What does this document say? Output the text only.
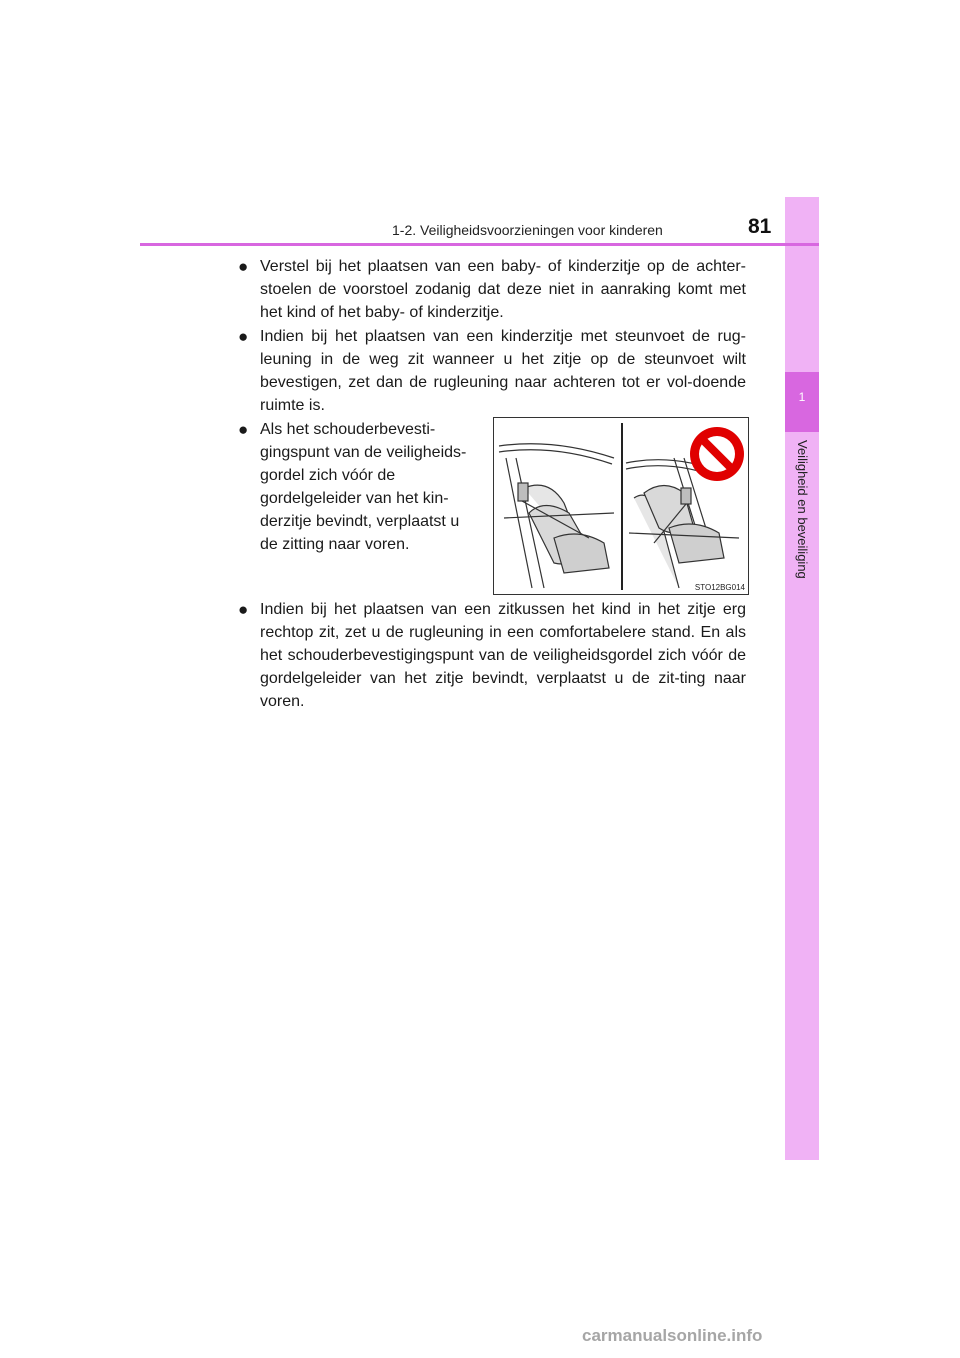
1
Veiligheid en beveiliging
1-2. Veiligheidsvoorzieningen voor kinderen	81
● Verstel bij het plaatsen van een baby- of kinderzitje op de achter-stoelen de voorstoel zodanig dat deze niet in aanraking komt met het kind of het baby- of kinderzitje.
● Indien bij het plaatsen van een kinderzitje met steunvoet de rug-leuning in de weg zit wanneer u het zitje op de steunvoet wilt bevestigen, zet dan de rugleuning naar achteren tot er vol-doende ruimte is.
● Als het schouderbevesti-gingspunt van de veiligheids-gordel zich vóór de gordelgeleider van het kin-derzitje bevindt, verplaatst u de zitting naar voren.
STO12BG014
● Indien bij het plaatsen van een zitkussen het kind in het zitje erg rechtop zit, zet u de rugleuning in een comfortabelere stand. En als het schouderbevestigingspunt van de veiligheidsgordel zich vóór de gordelgeleider van het zitje bevindt, verplaatst u de zit-ting naar voren.
carmanualsonline.info
